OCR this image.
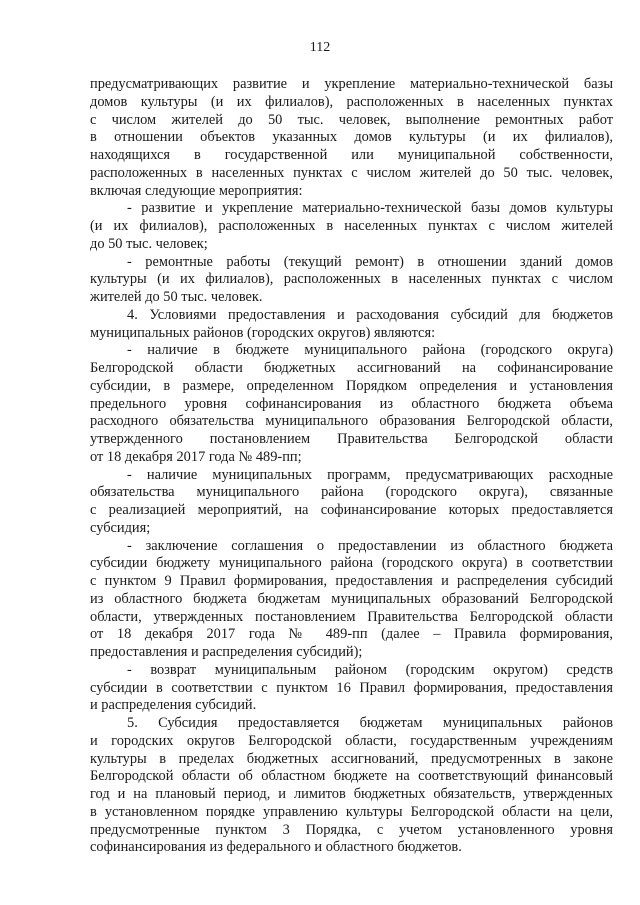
112
предусматривающих развитие и укрепление материально-технической базы
домов культуры (и их филиалов), расположенных в населенных пунктах
с числом жителей до 50 тыс. человек, выполнение ремонтных работ
в отношении объектов указанных домов культуры (и их филиалов),
находящихся в государственной или муниципальной собственности,
расположенных в населенных пунктах с числом жителей до 50 тыс. человек,
включая следующие мероприятия:
- развитие и укрепление материально-технической базы домов культуры
(и их филиалов), расположенных в населенных пунктах с числом жителей
до 50 тыс. человек;
- ремонтные работы (текущий ремонт) в отношении зданий домов
культуры (и их филиалов), расположенных в населенных пунктах с числом
жителей до 50 тыс. человек.
4. Условиями предоставления и расходования субсидий для бюджетов
муниципальных районов (городских округов) являются:
- наличие в бюджете муниципального района (городского округа)
Белгородской области бюджетных ассигнований на софинансирование
субсидии, в размере, определенном Порядком определения и установления
предельного уровня софинансирования из областного бюджета объема
расходного обязательства муниципального образования Белгородской области,
утвержденного постановлением Правительства Белгородской области
от 18 декабря 2017 года № 489-пп;
- наличие муниципальных программ, предусматривающих расходные
обязательства муниципального района (городского округа), связанные
с реализацией мероприятий, на софинансирование которых предоставляется
субсидия;
- заключение соглашения о предоставлении из областного бюджета
субсидии бюджету муниципального района (городского округа) в соответствии
с пунктом 9 Правил формирования, предоставления и распределения субсидий
из областного бюджета бюджетам муниципальных образований Белгородской
области, утвержденных постановлением Правительства Белгородской области
от 18 декабря 2017 года № 489-пп (далее – Правила формирования,
предоставления и распределения субсидий);
- возврат муниципальным районом (городским округом) средств
субсидии в соответствии с пунктом 16 Правил формирования, предоставления
и распределения субсидий.
5. Субсидия предоставляется бюджетам муниципальных районов
и городских округов Белгородской области, государственным учреждениям
культуры в пределах бюджетных ассигнований, предусмотренных в законе
Белгородской области об областном бюджете на соответствующий финансовый
год и на плановый период, и лимитов бюджетных обязательств, утвержденных
в установленном порядке управлению культуры Белгородской области на цели,
предусмотренные пунктом 3 Порядка, с учетом установленного уровня
софинансирования из федерального и областного бюджетов.
